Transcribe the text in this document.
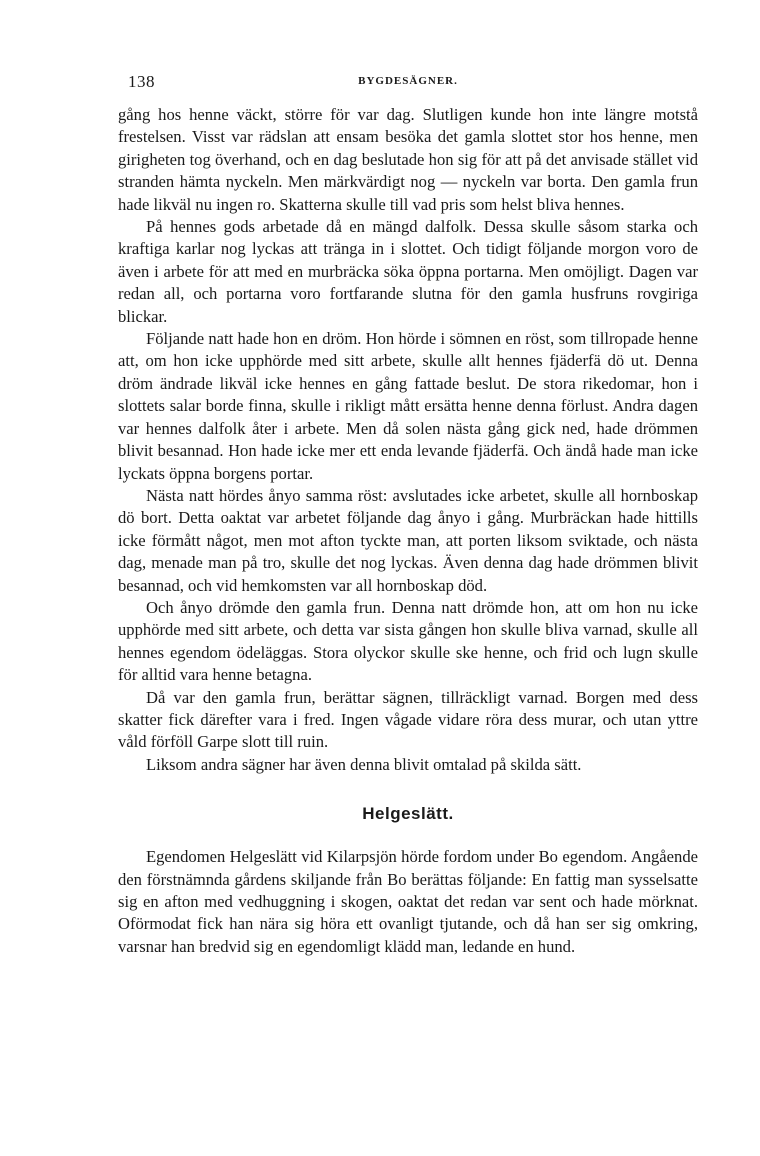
138	BYGDESÄGNER.

gång hos henne väckt, större för var dag. Slutligen kunde hon inte längre motstå frestelsen. Visst var rädslan att ensam besöka det gamla slottet stor hos henne, men girigheten tog överhand, och en dag beslutade hon sig för att på det anvisade stället vid stranden hämta nyckeln. Men märkvärdigt nog — nyckeln var borta. Den gamla frun hade likväl nu ingen ro. Skatterna skulle till vad pris som helst bliva hennes.

På hennes gods arbetade då en mängd dalfolk. Dessa skulle såsom starka och kraftiga karlar nog lyckas att tränga in i slottet. Och tidigt följande morgon voro de även i arbete för att med en murbräcka söka öppna portarna. Men omöjligt. Dagen var redan all, och portarna voro fortfarande slutna för den gamla husfruns rovgiriga blickar.

Följande natt hade hon en dröm. Hon hörde i sömnen en röst, som tillropade henne att, om hon icke upphörde med sitt arbete, skulle allt hennes fjäderfä dö ut. Denna dröm ändrade likväl icke hennes en gång fattade beslut. De stora rikedomar, hon i slottets salar borde finna, skulle i rikligt mått ersätta henne denna förlust. Andra dagen var hennes dalfolk åter i arbete. Men då solen nästa gång gick ned, hade drömmen blivit besannad. Hon hade icke mer ett enda levande fjäderfä. Och ändå hade man icke lyckats öppna borgens portar.

Nästa natt hördes ånyo samma röst: avslutades icke arbetet, skulle all hornboskap dö bort. Detta oaktat var arbetet följande dag ånyo i gång. Murbräckan hade hittills icke förmått något, men mot afton tyckte man, att porten liksom sviktade, och nästa dag, menade man på tro, skulle det nog lyckas. Även denna dag hade drömmen blivit besannad, och vid hemkomsten var all hornboskap död.

Och ånyo drömde den gamla frun. Denna natt drömde hon, att om hon nu icke upphörde med sitt arbete, och detta var sista gången hon skulle bliva varnad, skulle all hennes egendom ödeläggas. Stora olyckor skulle ske henne, och frid och lugn skulle för alltid vara henne betagna.

Då var den gamla frun, berättar sägnen, tillräckligt varnad. Borgen med dess skatter fick därefter vara i fred. Ingen vågade vidare röra dess murar, och utan yttre våld förföll Garpe slott till ruin.

Liksom andra sägner har även denna blivit omtalad på skilda sätt.

Helgeslätt.

Egendomen Helgeslätt vid Kilarpsjön hörde fordom under Bo egendom. Angående den förstnämnda gårdens skiljande från Bo berättas följande: En fattig man sysselsatte sig en afton med vedhuggning i skogen, oaktat det redan var sent och hade mörknat. Oförmodat fick han nära sig höra ett ovanligt tjutande, och då han ser sig omkring, varsnar han bredvid sig en egendomligt klädd man, ledande en hund.
